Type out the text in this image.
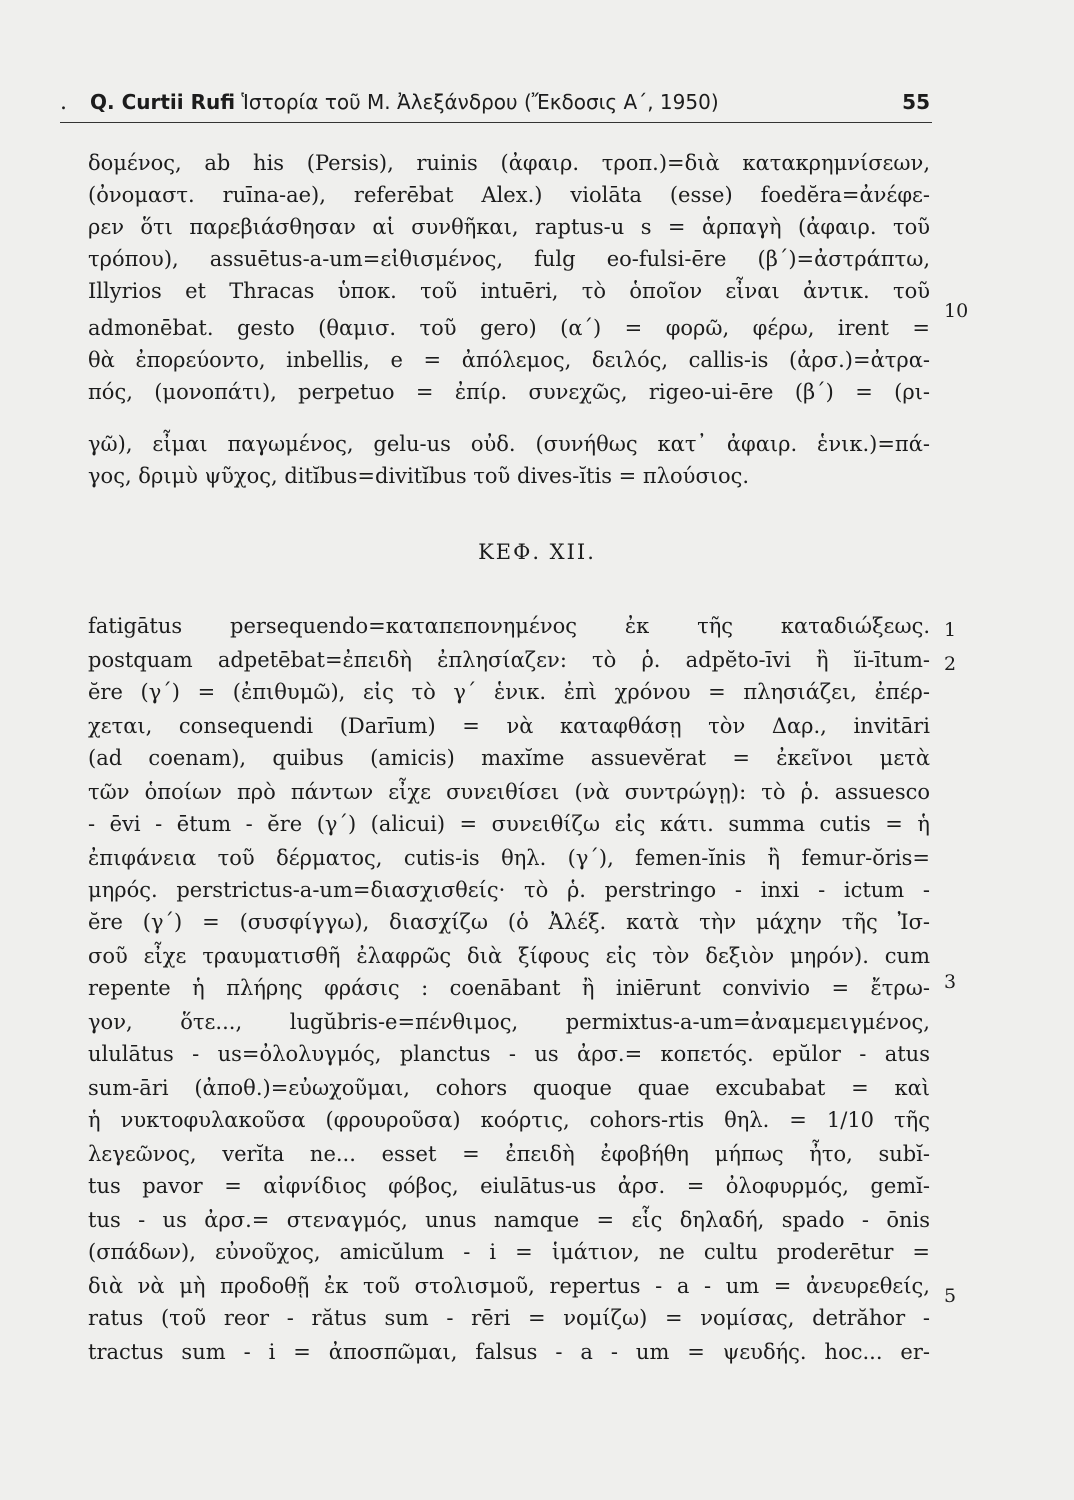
. Q. Curtii Rufi Ἱστορία τοῦ Μ. Ἀλεξάνδρου (Ἔκδοσις Α΄, 1950)	55
δομένος, ab his (Persis), ruinis (ἀφαιρ. τροπ.)=διὰ κατακρημνίσεων,
(ὀνομαστ. ruīna-ae), referēbat Alex.) violāta (esse) foedĕra=ἀνέφε-
ρεν ὅτι παρεβιάσθησαν αἱ συνθῆκαι, raptus-u s = ἁρπαγὴ (ἀφαιρ. τοῦ
τρόπου), assuētus-a-um=εἰθισμένος, fulg eo-fulsi-ēre (β΄)=ἀστράπτω,
Illyrios et Thracas ὑποκ. τοῦ intuēri, τὸ ὁποῖον εἶναι ἀντικ. τοῦ
10
admonēbat. gesto (θαμισ. τοῦ gero) (α΄) = φορῶ, φέρω, irent =
θὰ ἐπορεύοντο, inbellis, e = ἀπόλεμος, δειλός, callis-is (ἀρσ.)=ἀτρα-
πός, (μονοπάτι), perpetuo = ἐπίρ. συνεχῶς, rigeo-ui-ēre (β΄) = (ρι-
γῶ), εἶμαι παγωμένος, gelu-us οὐδ. (συνήθως κατ᾽ ἀφαιρ. ἑνικ.)=πά-
γος, δριμὺ ψῦχος, ditĭbus=divitĭbus τοῦ dives-ĭtis = πλούσιος.
ΚΕΦ. XII.
fatigātus persequendo=καταπεπονημένος ἐκ τῆς καταδιώξεως. 1
postquam adpetēbat=ἐπειδὴ ἐπλησίαζεν: τὸ ῥ. adpĕto-īvi ἢ ĭi-ītum- 2
ĕre (γ΄) = (ἐπιθυμῶ), εἰς τὸ γ΄ ἑνικ. ἐπὶ χρόνου = πλησιάζει, ἐπέρ-
χεται, consequendi (Darīum) = νὰ καταφθάσῃ τὸν Δαρ., invitāri
(ad coenam), quibus (amicis) maxĭme assuevĕrat = ἐκεῖνοι μετὰ
τῶν ὁποίων πρὸ πάντων εἶχε συνειθίσει (νὰ συντρώγῃ): τὸ ῥ. assuesco
- ēvi - ētum - ĕre (γ΄) (alicui) = συνειθίζω εἰς κάτι. summa cutis = ἡ
ἐπιφάνεια τοῦ δέρματος, cutis-is θηλ. (γ΄), femen-ĭnis ἢ femur-ŏris=
μηρός. perstrictus-a-um=διασχισθείς· τὸ ῥ. perstringo - inxi - ictum -
ĕre (γ΄) = (συσφίγγω), διασχίζω (ὁ Ἀλέξ. κατὰ τὴν μάχην τῆς Ἰσ-
σοῦ εἶχε τραυματισθῆ ἐλαφρῶς διὰ ξίφους εἰς τὸν δεξιὸν μηρόν). cum
repente ἡ πλήρης φράσις : coenābant ἢ iniērunt convivio = ἔτρω- 3
γον, ὅτε..., lugŭbris-e=πένθιμος, permixtus-a-um=ἀναμεμειγμένος,
ululātus - us=ὀλολυγμός, planctus - us ἀρσ.= κοπετός. epŭlor - atus
sum-āri (ἀποθ.)=εὐωχοῦμαι, cohors quoque quae excubabat = καὶ
ἡ νυκτοφυλακοῦσα (φρουροῦσα) κοόρτις, cohors-rtis θηλ. = 1/10 τῆς
λεγεῶνος, verĭta ne... esset = ἐπειδὴ ἐφοβήθη μήπως ἦτο, subĭ-
tus pavor = αἰφνίδιος φόβος, eiulātus-us ἀρσ. = ὀλοφυρμός, gemĭ-
tus - us ἀρσ.= στεναγμός, unus namque = εἷς δηλαδή, spado - ōnis
(σπάδων), εὐνοῦχος, amicŭlum - i = ἱμάτιον, ne cultu proderētur =
διὰ νὰ μὴ προδοθῇ ἐκ τοῦ στολισμοῦ, repertus - a - um = ἀνευρεθείς, 5
ratus (τοῦ reor - rătus sum - rēri = νομίζω) = νομίσας, detrăhor -
tractus sum - i = ἀποσπῶμαι, falsus - a - um = ψευδής. hoc... er-
